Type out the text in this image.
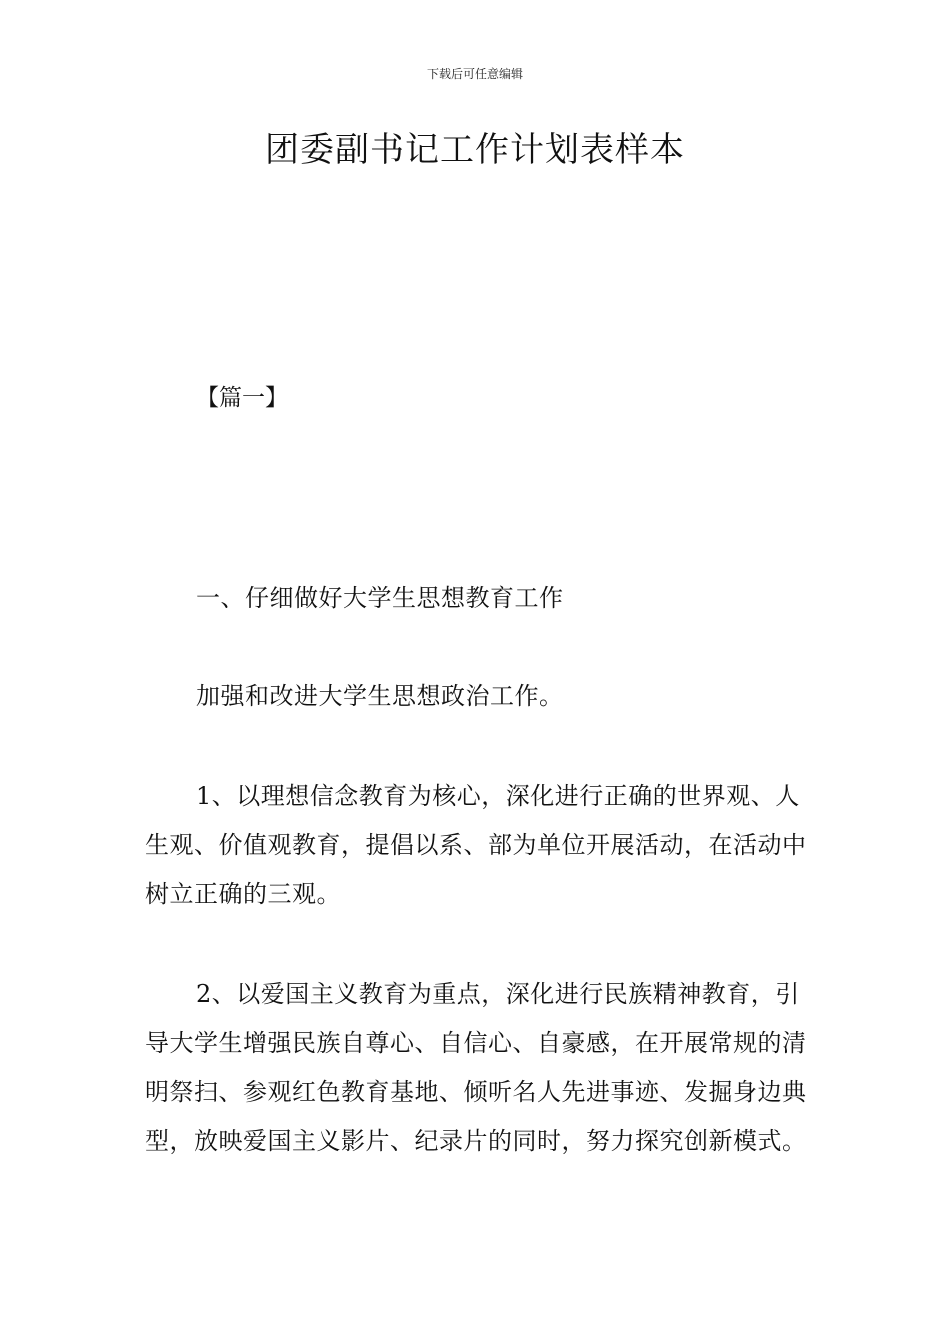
下载后可任意编辑
团委副书记工作计划表样本
【篇一】

一、仔细做好大学生思想教育工作

加强和改进大学生思想政治工作。

1、以理想信念教育为核心，深化进行正确的世界观、人生观、价值观教育，提倡以系、部为单位开展活动，在活动中树立正确的三观。

2、以爱国主义教育为重点，深化进行民族精神教育，引导大学生增强民族自尊心、自信心、自豪感，在开展常规的清明祭扫、参观红色教育基地、倾听名人先进事迹、发掘身边典型，放映爱国主义影片、纪录片的同时，努力探究创新模式。
